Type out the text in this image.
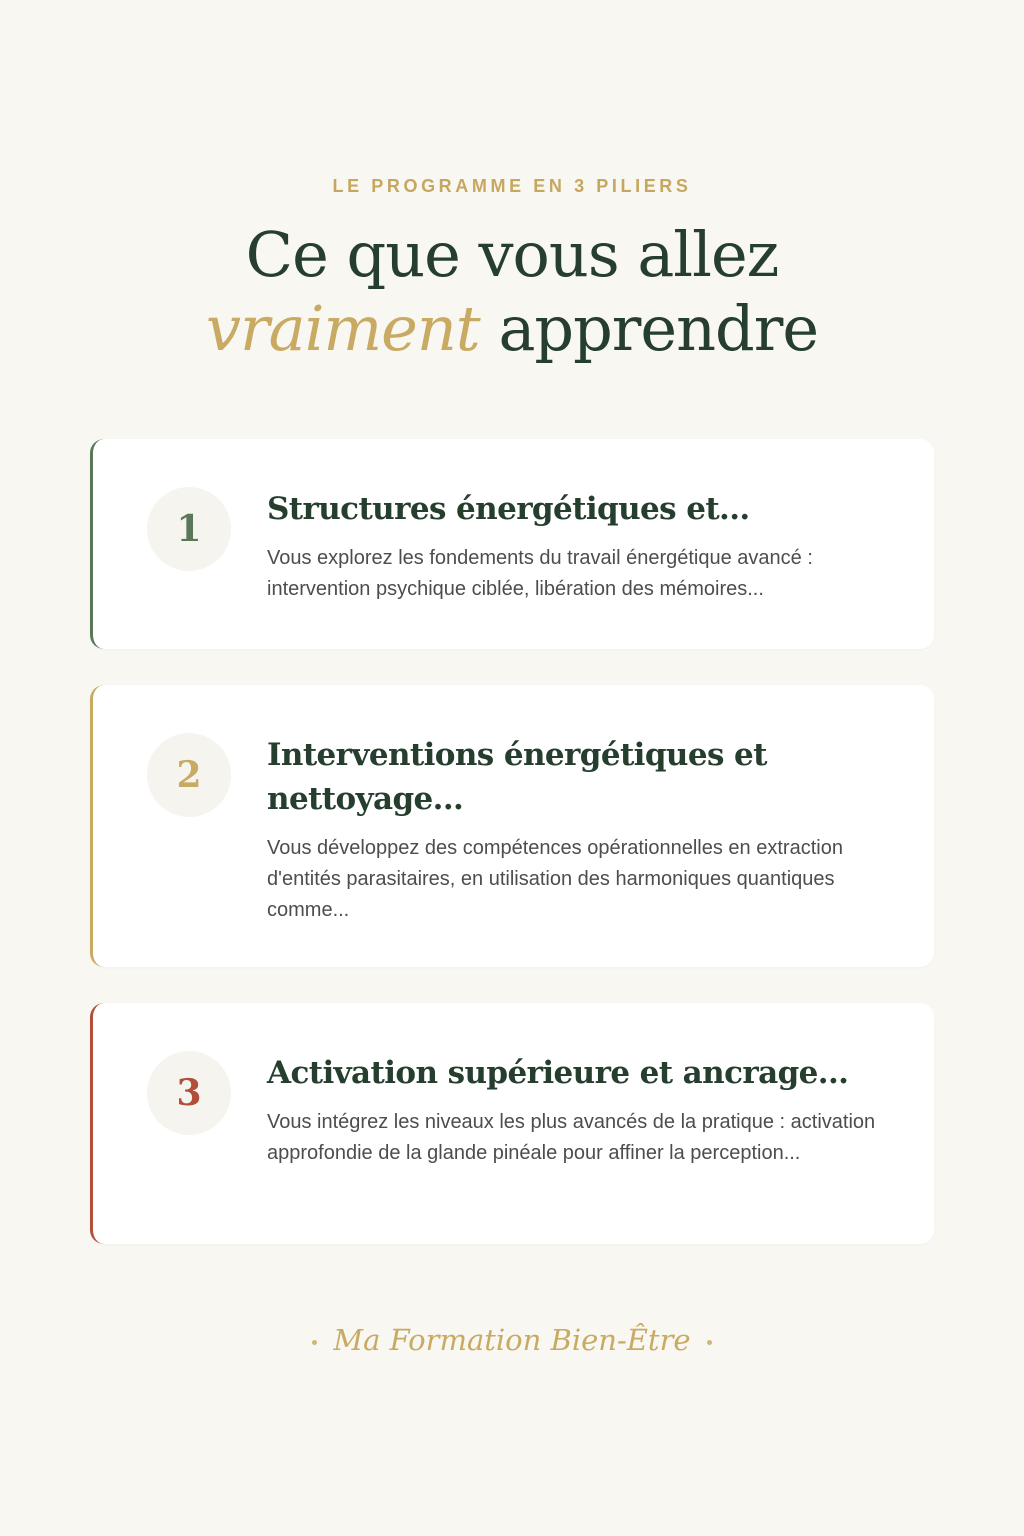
LE PROGRAMME EN 3 PILIERS
Ce que vous allez
vraiment apprendre
1	Structures énergétiques et...

Vous explorez les fondements du travail énergétique avancé : intervention psychique ciblée, libération des mémoires...

2	Interventions énergétiques et nettoyage...

Vous développez des compétences opérationnelles en extraction d'entités parasitaires, en utilisation des harmoniques quantiques comme...

3	Activation supérieure et ancrage...

Vous intégrez les niveaux les plus avancés de la pratique : activation approfondie de la glande pinéale pour affiner la perception...

Ma Formation Bien-Être
